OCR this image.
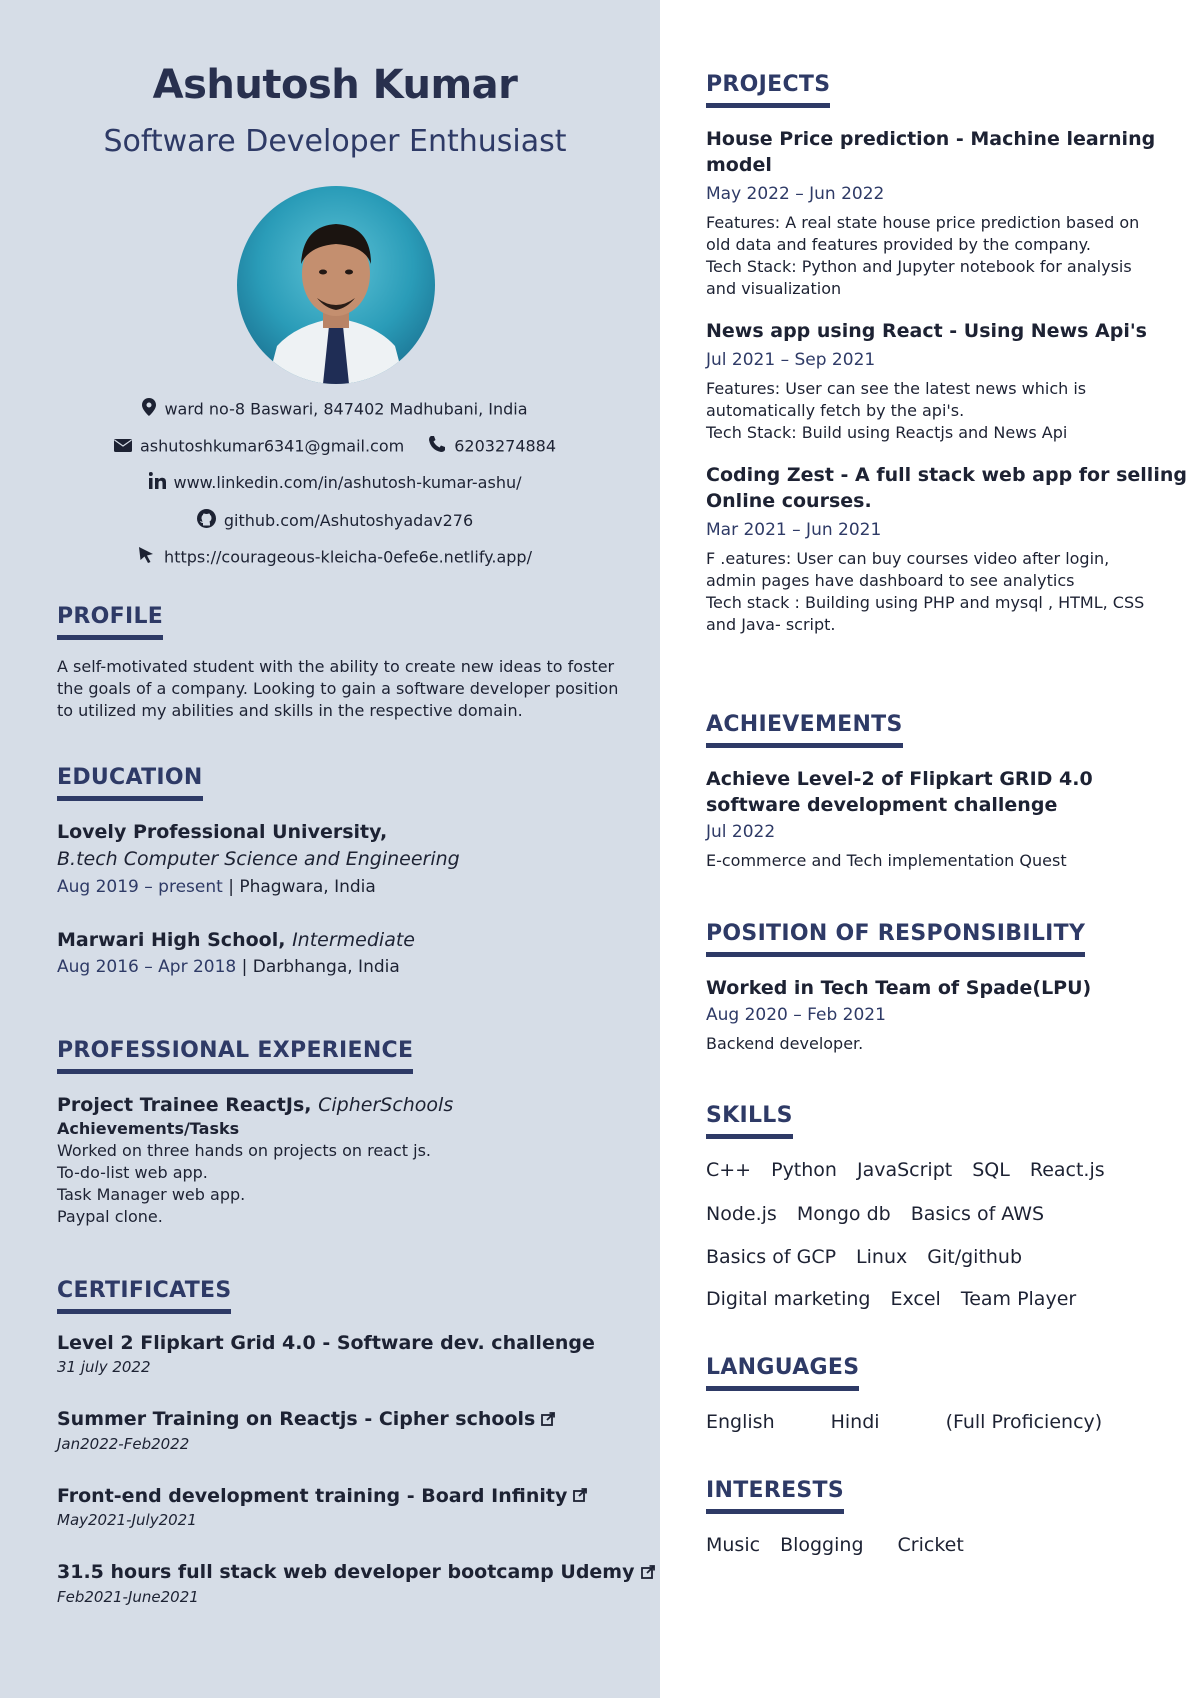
Ashutosh Kumar
Software Developer Enthusiast
ward no-8 Baswari, 847402 Madhubani, India
ashutoshkumar6341@gmail.com	6203274884
www.linkedin.com/in/ashutosh-kumar-ashu/
github.com/Ashutoshyadav276
https://courageous-kleicha-0efe6e.netlify.app/
PROFILE
A self-motivated student with the ability to create new ideas to foster
the goals of a company. Looking to gain a software developer position
to utilized my abilities and skills in the respective domain.
EDUCATION
Lovely Professional University,
B.tech Computer Science and Engineering
Aug 2019 – present | Phagwara, India
Marwari High School, Intermediate
Aug 2016 – Apr 2018 | Darbhanga, India
PROFESSIONAL EXPERIENCE
Project Trainee ReactJs, CipherSchools
Achievements/Tasks
Worked on three hands on projects on react js.
To-do-list web app.
Task Manager web app.
Paypal clone.
CERTIFICATES
Level 2 Flipkart Grid 4.0 - Software dev. challenge
31 july 2022
Summer Training on Reactjs - Cipher schools
Jan2022-Feb2022
Front-end development training - Board Infinity
May2021-July2021
31.5 hours full stack web developer bootcamp Udemy
Feb2021-June2021
PROJECTS
House Price prediction - Machine learning
model
May 2022 – Jun 2022
Features: A real state house price prediction based on
old data and features provided by the company.
Tech Stack: Python and Jupyter notebook for analysis
and visualization
News app using React - Using News Api's
Jul 2021 – Sep 2021
Features: User can see the latest news which is
automatically fetch by the api's.
Tech Stack: Build using Reactjs and News Api
Coding Zest - A full stack web app for selling
Online courses.
Mar 2021 – Jun 2021
F .eatures: User can buy courses video after login,
admin pages have dashboard to see analytics
Tech stack : Building using PHP and mysql , HTML, CSS
and Java- script.
ACHIEVEMENTS
Achieve Level-2 of Flipkart GRID 4.0
software development challenge
Jul 2022
E-commerce and Tech implementation Quest
POSITION OF RESPONSIBILITY
Worked in Tech Team of Spade(LPU)
Aug 2020 – Feb 2021
Backend developer.
SKILLS
C++ Python JavaScript SQL React.js
Node.js Mongo db Basics of AWS
Basics of GCP Linux Git/github
Digital marketing Excel Team Player
LANGUAGES
English	Hindi	(Full Proficiency)
INTERESTS
Music Blogging Cricket
